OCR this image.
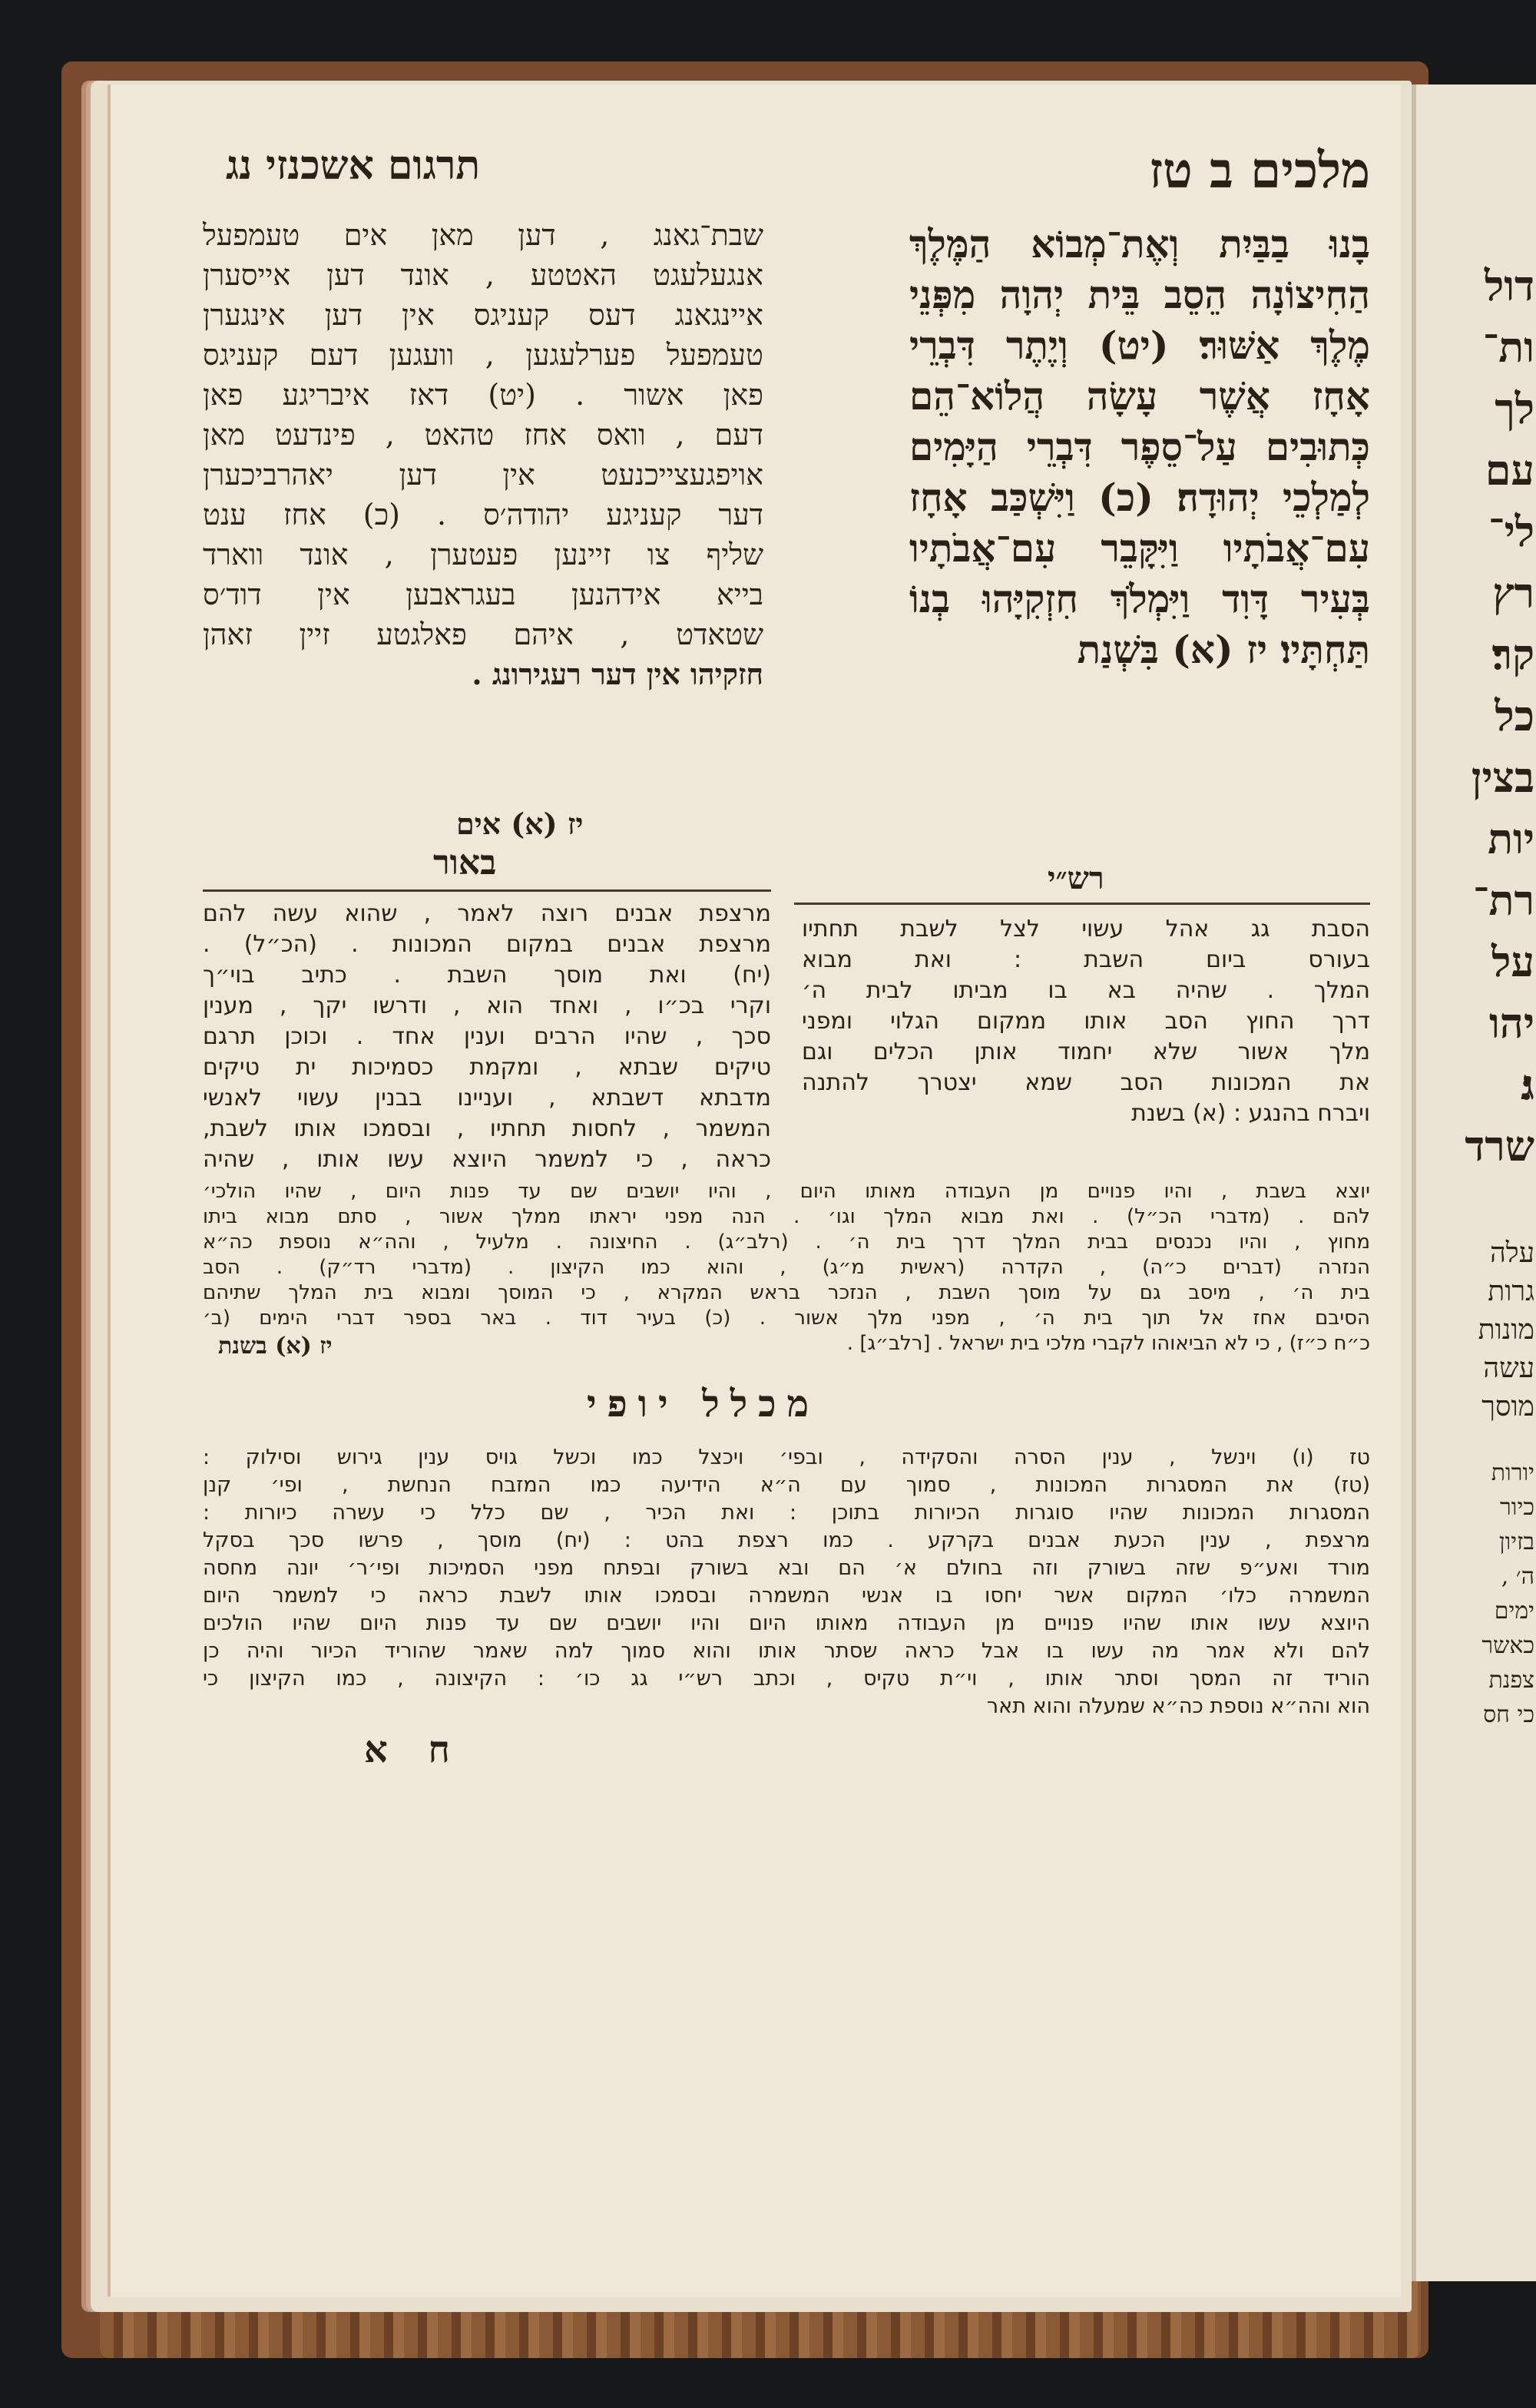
מלכים ב טז
תרגום אשכנזי נג
בָנוּ בַבַּיִת וְאֶת־מְבוֹא הַמֶּלֶךְ
הַחִיצוֹנָה הֵסֵב בֵּית יְהוָה מִפְּנֵי
מֶלֶךְ אַשּׁוּר׃ (יט) וְיֶתֶר דִּבְרֵי
אָחָז אֲשֶׁר עָשָׂה הֲלוֹא־הֵם
כְּתוּבִים עַל־סֵפֶר דִּבְרֵי הַיָּמִים
לְמַלְכֵי יְהוּדָה׃ (כ) וַיִּשְׁכַּב אָחָז
עִם־אֲבֹתָיו וַיִּקָּבֵר עִם־אֲבֹתָיו
בְּעִיר דָּוִד וַיִּמְלֹךְ חִזְקִיָּהוּ בְנוֹ
תַּחְתָּיו׃ יז (א) בִּשְׁנַת
שבת־גאנג , דען מאן אים טעמפעל
אנגעלעגט האטטע , אונד דען אייסערן
איינגאנג דעס קעניגס אין דען אינגערן
טעמפעל פערלעגען , וועגען דעם קעניגס
פאן אשור . (יט) דאז איבריגע פאן
דעם , וואס אחז טהאט , פינדעט מאן
אויפגעצייכנעט אין דען יאהרביכערן
דער קעניגע יהודה׳ס . (כ) אחז ענט
שליף צו זיינען פעטערן , אונד ווארד
בייא אידהנען בעגראבען אין דוד׳ס
שטאדט , איהם פאלגטע זיין זאהן
חזקיהו אין דער רעגירונג .
יז (א) אים
באור	רש״י
הסבת גג אהל עשוי לצל לשבת תחתיו
בעורס ביום השבת : ואת מבוא
המלך . שהיה בא בו מביתו לבית ה׳
דרך החוץ הסב אותו ממקום הגלוי ומפני
מלך אשור שלא יחמוד אותן הכלים וגם
את המכונות הסב שמא יצטרך להתנה
ויברח בהנגע : (א) בשנת
מרצפת אבנים רוצה לאמר , שהוא עשה להם
מרצפת אבנים במקום המכונות . (הכ״ל) .
(יח) ואת מוסך השבת . כתיב בוי״ך
וקרי בכ״ו , ואחד הוא , ודרשו יקך , מענין
סכך , שהיו הרבים וענין אחד . וכוכן תרגם
טיקים שבתא , ומקמת כסמיכות ית טיקים
מדבתא דשבתא , ועניינו בבנין עשוי לאנשי
המשמר , לחסות תחתיו , ובסמכו אותו לשבת,
כראה , כי למשמר היוצא עשו אותו , שהיה
יוצא בשבת , והיו פנויים מן העבודה מאותו היום , והיו יושבים שם עד פנות היום , שהיו הולכי׳
להם . (מדברי הכ״ל) . ואת מבוא המלך וגו׳ . הנה מפני יראתו ממלך אשור , סתם מבוא ביתו
מחוץ , והיו נכנסים בבית המלך דרך בית ה׳ . (רלב״ג) . החיצונה . מלעיל , והה״א נוספת כה״א
הנזרה (דברים כ״ה) , הקדרה (ראשית מ״ג) , והוא כמו הקיצון . (מדברי רד״ק) . הסב
בית ה׳ , מיסב גם על מוסך השבת , הנזכר בראש המקרא , כי המוסך ומבוא בית המלך שתיהם
הסיבם אחז אל תוך בית ה׳ , מפני מלך אשור . (כ) בעיר דוד . באר בספר דברי הימים (ב׳
כ״ח כ״ז) , כי לא הביאוהו לקברי מלכי בית ישראל . [רלב״ג] .
יז (א) בשנת
מכלל יופי
טז (ו) וינשל , ענין הסרה והסקידה , ובפי׳ ויכצל כמו וכשל גויס ענין גירוש וסילוק :
(טז) את המסגרות המכונות , סמוך עם ה״א הידיעה כמו המזבח הנחשת , ופי׳ קנן
המסגרות המכונות שהיו סוגרות הכיורות בתוכן : ואת הכיר , שם כלל כי עשרה כיורות :
מרצפת , ענין הכעת אבנים בקרקע . כמו רצפת בהט : (יח) מוסך , פרשו סכך בסקל
מורד ואע״פ שזה בשורק וזה בחולם א׳ הם ובא בשורק ובפתח מפני הסמיכות ופי׳ר׳ יונה מחסה
המשמרה כלו׳ המקום אשר יחסו בו אנשי המשמרה ובסמכו אותו לשבת כראה כי למשמר היום
היוצא עשו אותו שהיו פנויים מן העבודה מאותו היום והיו יושבים שם עד פנות היום שהיו הולכים
להם ולא אמר מה עשו בו אבל כראה שסתר אותו והוא סמוך למה שאמר שהוריד הכיור והיה כן
הוריד זה המסך וסתר אותו , וי״ת טקיס , וכתב רש״י גג כו׳ : הקיצונה , כמו הקיצון כי
הוא והה״א נוספת כה״א שמעלה והוא תאר
ח א
דול
ות־
לך
עם
לי־
רץ
קר׃
כל
בצין
יות
רת־
על
יהו
ג׃
שרד
עלה
גרות
מונות
עשה
מוסך
יורות
כיור
בזיון
ה׳ ,
ימים
כאשר
צפנת
כי חס
